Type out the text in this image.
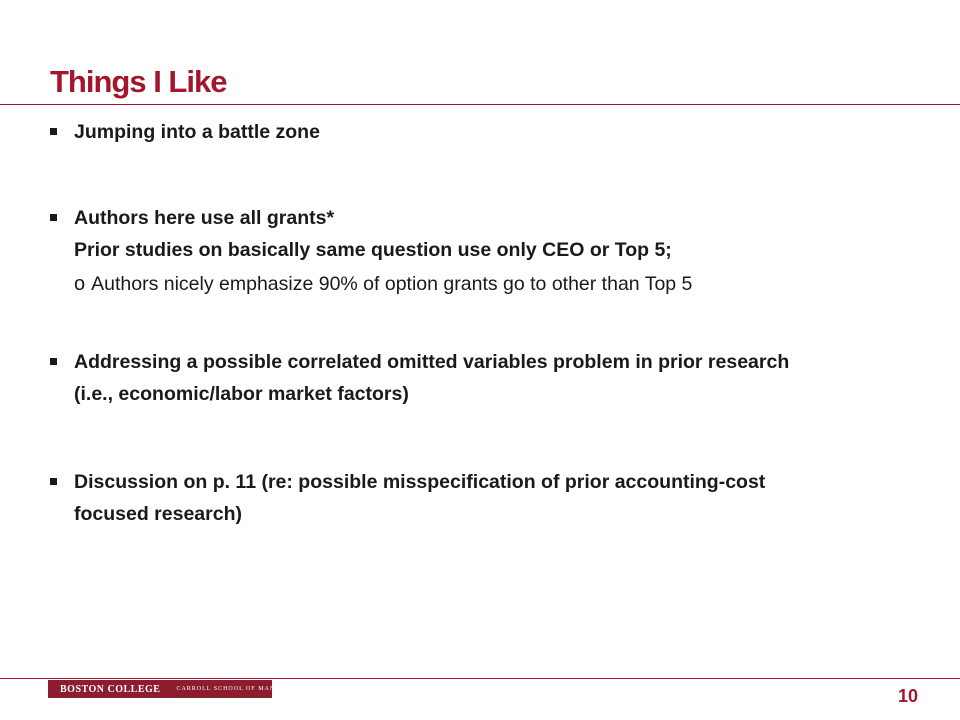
Things I Like
Jumping into a battle zone
Authors here use all grants*
Prior studies on basically same question use only CEO or Top 5;
o Authors nicely emphasize 90% of option grants go to other than Top 5
Addressing a possible correlated omitted variables problem in prior research
(i.e., economic/labor market factors)
Discussion on p. 11 (re: possible misspecification of prior accounting-cost
focused research)
BOSTON COLLEGE	CARROLL SCHOOL OF MANAGEMENT	10
